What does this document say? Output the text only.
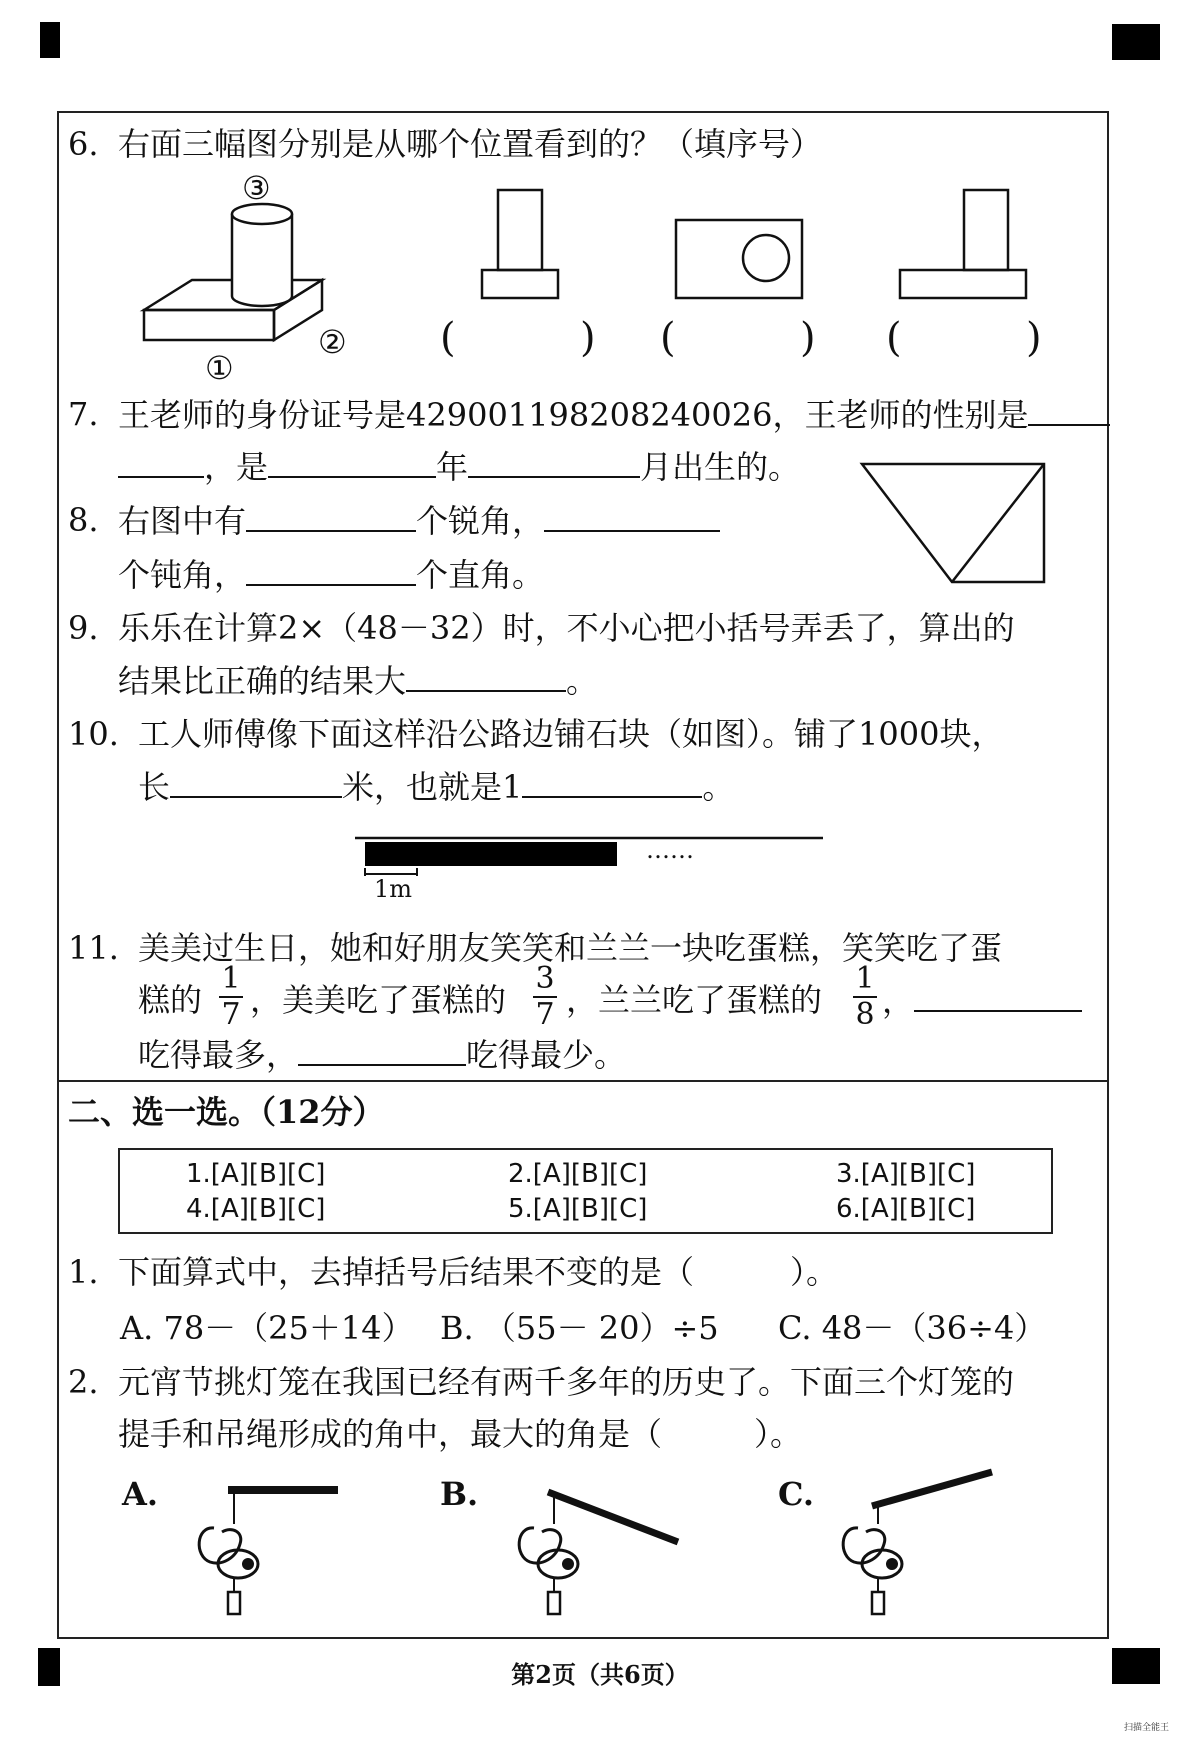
6. 右面三幅图分别是从哪个位置看到的？（填序号）
③
②
①
(	) (	) (	)
7. 王老师的身份证号是429001198208240026，王老师的性别是
，是	年	月出生的。
8. 右图中有	个锐角，
个钝角，	个直角。
9. 乐乐在计算2×（48－32）时，不小心把小括号弄丢了，算出的
结果比正确的结果大	。
10. 工人师傅像下面这样沿公路边铺石块（如图）。铺了1000块，
长	米，也就是1	。
……
1m
11. 美美过生日，她和好朋友笑笑和兰兰一块吃蛋糕，笑笑吃了蛋
糕的
1
7 ，美美吃了蛋糕的
3
7 ，兰兰吃了蛋糕的
1
8 ，
吃得最多，	吃得最少。
二、选一选。（12分）
1.[A][B][C]	2.[A][B][C]	3.[A][B][C]
4.[A][B][C]	5.[A][B][C]	6.[A][B][C]
1. 下面算式中，去掉括号后结果不变的是（	）。
A. 78－（25＋14） B. （55－ 20）÷5 C. 48－（36÷4）
2. 元宵节挑灯笼在我国已经有两千多年的历史了。下面三个灯笼的
提手和吊绳形成的角中，最大的角是（	）。
A.	B.	C.
第2页（共6页）
扫描全能王
